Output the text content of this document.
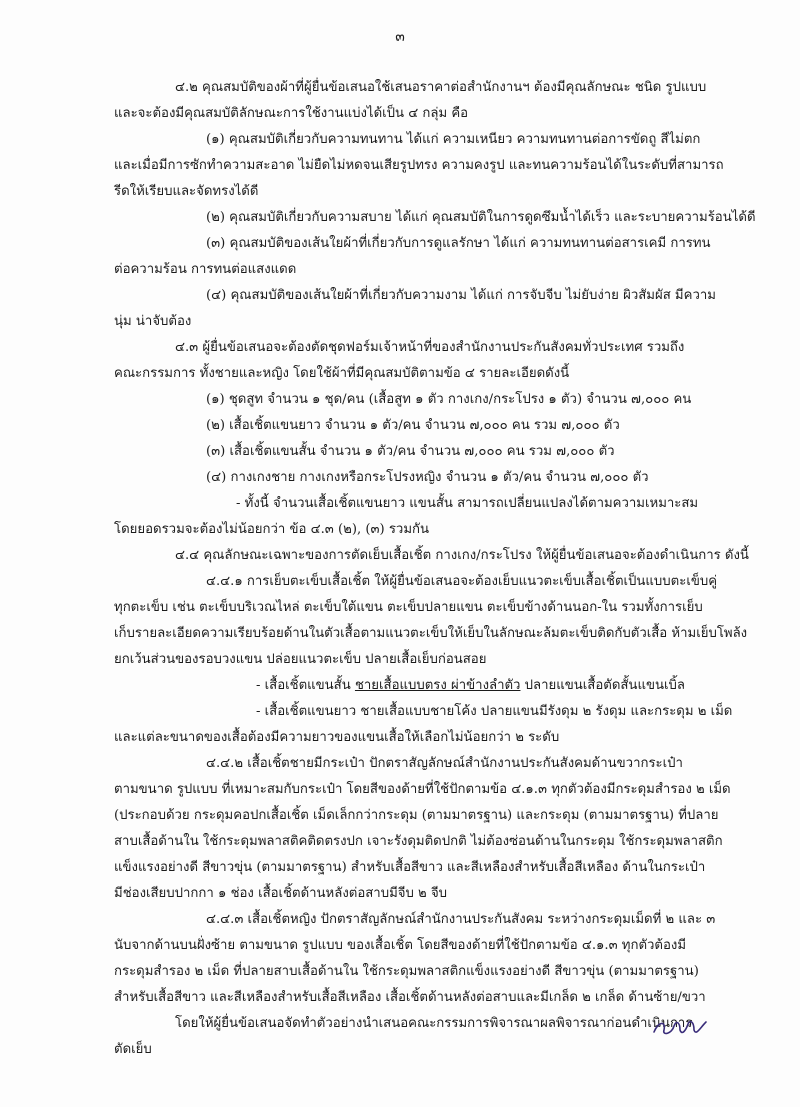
๓
๔.๒ คุณสมบัติของผ้าที่ผู้ยื่นข้อเสนอใช้เสนอราคาต่อสำนักงานฯ ต้องมีคุณลักษณะ ชนิด รูปแบบ
และจะต้องมีคุณสมบัติลักษณะการใช้งานแบ่งได้เป็น ๔ กลุ่ม คือ
(๑) คุณสมบัติเกี่ยวกับความทนทาน ได้แก่ ความเหนียว ความทนทานต่อการขัดถู สีไม่ตก
และเมื่อมีการซักทำความสะอาด ไม่ยืดไม่หดจนเสียรูปทรง ความคงรูป และทนความร้อนได้ในระดับที่สามารถ
รีดให้เรียบและจัดทรงได้ดี
(๒) คุณสมบัติเกี่ยวกับความสบาย ได้แก่ คุณสมบัติในการดูดซึมน้ำได้เร็ว และระบายความร้อนได้ดี
(๓) คุณสมบัติของเส้นใยผ้าที่เกี่ยวกับการดูแลรักษา ได้แก่ ความทนทานต่อสารเคมี การทน
ต่อความร้อน การทนต่อแสงแดด
(๔) คุณสมบัติของเส้นใยผ้าที่เกี่ยวกับความงาม ได้แก่ การจับจีบ ไม่ยับง่าย ผิวสัมผัส มีความ
นุ่ม น่าจับต้อง
๔.๓ ผู้ยื่นข้อเสนอจะต้องตัดชุดฟอร์มเจ้าหน้าที่ของสำนักงานประกันสังคมทั่วประเทศ รวมถึง
คณะกรรมการ ทั้งชายและหญิง โดยใช้ผ้าที่มีคุณสมบัติตามข้อ ๔ รายละเอียดดังนี้
(๑) ชุดสูท จำนวน ๑ ชุด/คน (เสื้อสูท ๑ ตัว กางเกง/กระโปรง ๑ ตัว) จำนวน ๗,๐๐๐ คน
(๒) เสื้อเชิ้ตแขนยาว จำนวน ๑ ตัว/คน จำนวน ๗,๐๐๐ คน รวม ๗,๐๐๐ ตัว
(๓) เสื้อเชิ้ตแขนสั้น จำนวน ๑ ตัว/คน จำนวน ๗,๐๐๐ คน รวม ๗,๐๐๐ ตัว
(๔) กางเกงชาย กางเกงหรือกระโปรงหญิง จำนวน ๑ ตัว/คน จำนวน ๗,๐๐๐ ตัว
- ทั้งนี้ จำนวนเสื้อเชิ้ตแขนยาว แขนสั้น สามารถเปลี่ยนแปลงได้ตามความเหมาะสม
โดยยอดรวมจะต้องไม่น้อยกว่า ข้อ ๔.๓ (๒), (๓) รวมกัน
๔.๔ คุณลักษณะเฉพาะของการตัดเย็บเสื้อเชิ้ต กางเกง/กระโปรง ให้ผู้ยื่นข้อเสนอจะต้องดำเนินการ ดังนี้
๔.๔.๑ การเย็บตะเข็บเสื้อเชิ้ต ให้ผู้ยื่นข้อเสนอจะต้องเย็บแนวตะเข็บเสื้อเชิ้ตเป็นแบบตะเข็บคู่
ทุกตะเข็บ เช่น ตะเข็บบริเวณไหล่ ตะเข็บใต้แขน ตะเข็บปลายแขน ตะเข็บข้างด้านนอก-ใน รวมทั้งการเย็บ
เก็บรายละเอียดความเรียบร้อยด้านในตัวเสื้อตามแนวตะเข็บให้เย็บในลักษณะล้มตะเข็บติดกับตัวเสื้อ ห้ามเย็บโพล้ง
ยกเว้นส่วนของรอบวงแขน ปล่อยแนวตะเข็บ ปลายเสื้อเย็บก่อนสอย
- เสื้อเชิ้ตแขนสั้น ชายเสื้อแบบตรง ผ่าข้างลำตัว ปลายแขนเสื้อตัดสั้นแขนเบิ้ล
- เสื้อเชิ้ตแขนยาว ชายเสื้อแบบชายโค้ง ปลายแขนมีรังดุม ๒ รังดุม และกระดุม ๒ เม็ด
และแต่ละขนาดของเสื้อต้องมีความยาวของแขนเสื้อให้เลือกไม่น้อยกว่า ๒ ระดับ
๔.๔.๒ เสื้อเชิ้ตชายมีกระเป๋า ปักตราสัญลักษณ์สำนักงานประกันสังคมด้านขวากระเป๋า
ตามขนาด รูปแบบ ที่เหมาะสมกับกระเป๋า โดยสีของด้ายที่ใช้ปักตามข้อ ๔.๑.๓ ทุกตัวต้องมีกระดุมสำรอง ๒ เม็ด
(ประกอบด้วย กระดุมคอปกเสื้อเชิ้ต เม็ดเล็กกว่ากระดุม (ตามมาตรฐาน) และกระดุม (ตามมาตรฐาน) ที่ปลาย
สาบเสื้อด้านใน ใช้กระดุมพลาสติคติดตรงปก เจาะรังดุมติดปกติ ไม่ต้องซ่อนด้านในกระดุม ใช้กระดุมพลาสติก
แข็งแรงอย่างดี สีขาวขุ่น (ตามมาตรฐาน) สำหรับเสื้อสีขาว และสีเหลืองสำหรับเสื้อสีเหลือง ด้านในกระเป๋า
มีช่องเสียบปากกา ๑ ช่อง เสื้อเชิ้ตด้านหลังต่อสาบมีจีบ ๒ จีบ
๔.๔.๓ เสื้อเชิ้ตหญิง ปักตราสัญลักษณ์สำนักงานประกันสังคม ระหว่างกระดุมเม็ดที่ ๒ และ ๓
นับจากด้านบนฝั่งซ้าย ตามขนาด รูปแบบ ของเสื้อเชิ้ต โดยสีของด้ายที่ใช้ปักตามข้อ ๔.๑.๓ ทุกตัวต้องมี
กระดุมสำรอง ๒ เม็ด ที่ปลายสาบเสื้อด้านใน ใช้กระดุมพลาสติกแข็งแรงอย่างดี สีขาวขุ่น (ตามมาตรฐาน)
สำหรับเสื้อสีขาว และสีเหลืองสำหรับเสื้อสีเหลือง เสื้อเชิ้ตด้านหลังต่อสาบและมีเกล็ด ๒ เกล็ด ด้านซ้าย/ขวา
โดยให้ผู้ยื่นข้อเสนอจัดทำตัวอย่างนำเสนอคณะกรรมการพิจารณาผลพิจารณาก่อนดำเนินการ
ตัดเย็บ
